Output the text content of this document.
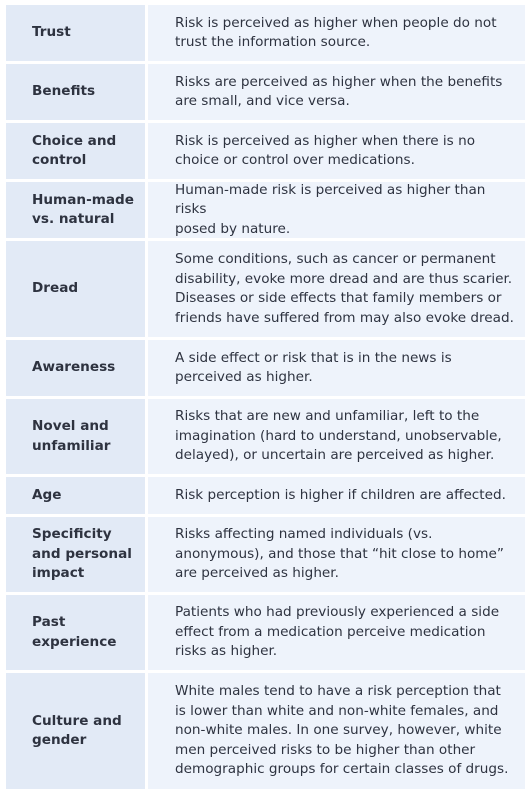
Trust
Risk is perceived as higher when people do not
trust the information source.
Benefits
Risks are perceived as higher when the benefits
are small, and vice versa.
Choice and
control
Risk is perceived as higher when there is no
choice or control over medications.
Human-made
vs. natural
Human-made risk is perceived as higher than risks
posed by nature.
Dread
Some conditions, such as cancer or permanent
disability, evoke more dread and are thus scarier.
Diseases or side effects that family members or
friends have suffered from may also evoke dread.
Awareness
A side effect or risk that is in the news is
perceived as higher.
Novel and
unfamiliar
Risks that are new and unfamiliar, left to the
imagination (hard to understand, unobservable,
delayed), or uncertain are perceived as higher.
Age	Risk perception is higher if children are affected.
Specificity
and personal
impact
Risks affecting named individuals (vs.
anonymous), and those that “hit close to home”
are perceived as higher.
Past
experience
Patients who had previously experienced a side
effect from a medication perceive medication
risks as higher.
Culture and
gender
White males tend to have a risk perception that
is lower than white and non-white females, and
non-white males. In one survey, however, white
men perceived risks to be higher than other
demographic groups for certain classes of drugs.
